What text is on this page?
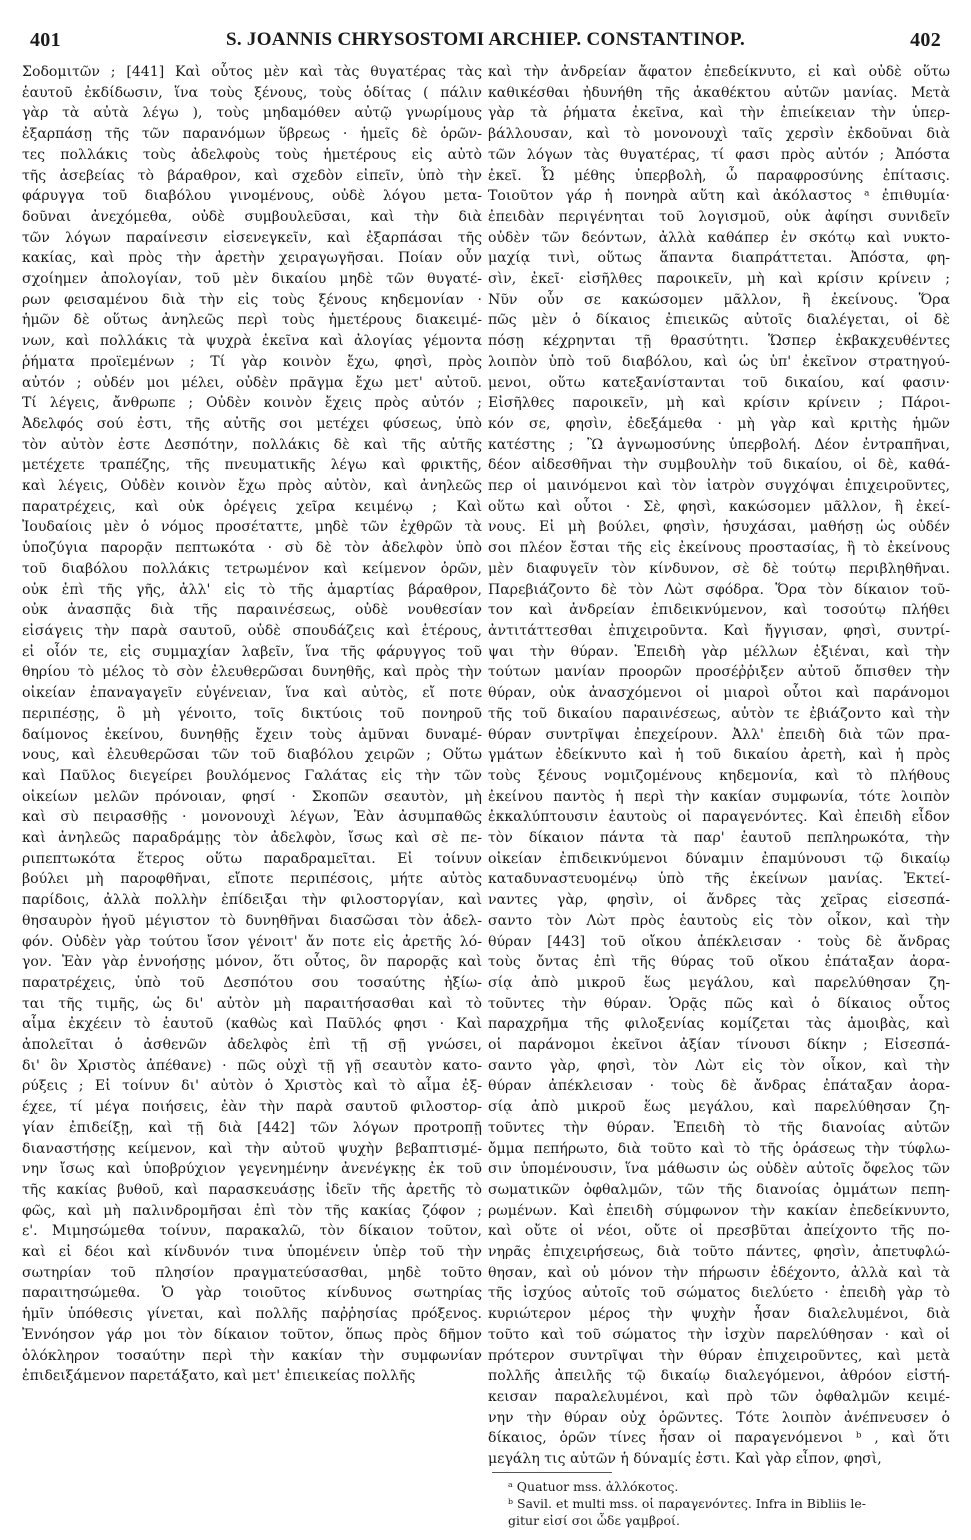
401	S. JOANNIS CHRYSOSTOMI ARCHIEP. CONSTANTINOP.	402
Σοδομιτῶν ; [441] Καὶ οὗτος μὲν καὶ τὰς θυγατέρας τὰς
ἑαυτοῦ ἐκδίδωσιν, ἵνα τοὺς ξένους, τοὺς ὁδίτας ( πάλιν
γὰρ τὰ αὐτὰ λέγω ), τοὺς μηδαμόθεν αὐτῷ γνωρίμους
ἐξαρπάσῃ τῆς τῶν παρανόμων ὕβρεως · ἡμεῖς δὲ ὁρῶν-
τες πολλάκις τοὺς ἀδελφοὺς τοὺς ἡμετέρους εἰς αὐτὸ
τῆς ἀσεβείας τὸ βάραθρον, καὶ σχεδὸν εἰπεῖν, ὑπὸ τὴν
φάρυγγα τοῦ διαβόλου γινομένους, οὐδὲ λόγου μετα-
δοῦναι ἀνεχόμεθα, οὐδὲ συμβουλεῦσαι, καὶ τὴν διὰ
τῶν λόγων παραίνεσιν εἰσενεγκεῖν, καὶ ἐξαρπάσαι τῆς
κακίας, καὶ πρὸς τὴν ἀρετὴν χειραγωγῆσαι. Ποίαν οὖν
σχοίημεν ἀπολογίαν, τοῦ μὲν δικαίου μηδὲ τῶν θυγατέ-
ρων φεισαμένου διὰ τὴν εἰς τοὺς ξένους κηδεμονίαν ·
ἡμῶν δὲ οὕτως ἀνηλεῶς περὶ τοὺς ἡμετέρους διακειμέ-
νων, καὶ πολλάκις τὰ ψυχρὰ ἐκεῖνα καὶ ἀλογίας γέμοντα
ῥήματα προϊεμένων ; Τί γὰρ κοινὸν ἔχω, φησὶ, πρὸς
αὐτόν ; οὐδέν μοι μέλει, οὐδὲν πρᾶγμα ἔχω μετ' αὐτοῦ.
Τί λέγεις, ἄνθρωπε ; Οὐδὲν κοινὸν ἔχεις πρὸς αὐτόν ;
Ἀδελφός σού ἐστι, τῆς αὐτῆς σοι μετέχει φύσεως, ὑπὸ
τὸν αὐτὸν ἐστε Δεσπότην, πολλάκις δὲ καὶ τῆς αὐτῆς
μετέχετε τραπέζης, τῆς πνευματικῆς λέγω καὶ φρικτῆς,
καὶ λέγεις, Οὐδὲν κοινὸν ἔχω πρὸς αὐτὸν, καὶ ἀνηλεῶς
παρατρέχεις, καὶ οὐκ ὀρέγεις χεῖρα κειμένῳ ; Καὶ
Ἰουδαίοις μὲν ὁ νόμος προσέταττε, μηδὲ τῶν ἐχθρῶν τὰ
ὑποζύγια παρορᾷν πεπτωκότα · σὺ δὲ τὸν ἀδελφὸν ὑπὸ
τοῦ διαβόλου πολλάκις τετρωμένον καὶ κείμενον ὁρῶν,
οὐκ ἐπὶ τῆς γῆς, ἀλλ' εἰς τὸ τῆς ἁμαρτίας βάραθρον,
οὐκ ἀνασπᾷς διὰ τῆς παραινέσεως, οὐδὲ νουθεσίαν
εἰσάγεις τὴν παρὰ σαυτοῦ, οὐδὲ σπουδάζεις καὶ ἑτέρους,
εἰ οἷόν τε, εἰς συμμαχίαν λαβεῖν, ἵνα τῆς φάρυγγος τοῦ
θηρίου τὸ μέλος τὸ σὸν ἐλευθερῶσαι δυνηθῆς, καὶ πρὸς τὴν
οἰκείαν ἐπαναγαγεῖν εὐγένειαν, ἵνα καὶ αὐτὸς, εἴ ποτε
περιπέσῃς, ὃ μὴ γένοιτο, τοῖς δικτύοις τοῦ πονηροῦ
δαίμονος ἐκείνου, δυνηθῇς ἔχειν τοὺς ἀμῦναι δυναμέ-
νους, καὶ ἐλευθερῶσαι τῶν τοῦ διαβόλου χειρῶν ; Οὕτω
καὶ Παῦλος διεγείρει βουλόμενος Γαλάτας εἰς τὴν τῶν
οἰκείων μελῶν πρόνοιαν, φησί · Σκοπῶν σεαυτὸν, μὴ
καὶ σὺ πειρασθῇς · μονονουχὶ λέγων, Ἐὰν ἀσυμπαθῶς
καὶ ἀνηλεῶς παραδράμῃς τὸν ἀδελφὸν, ἴσως καὶ σὲ πε-
ριπεπτωκότα ἕτερος οὕτω παραδραμεῖται. Εἰ τοίνυν
βούλει μὴ παροφθῆναι, εἴποτε περιπέσοις, μήτε αὐτὸς
παρίδοις, ἀλλὰ πολλὴν ἐπίδειξαι τὴν φιλοστοργίαν, καὶ
θησαυρὸν ἡγοῦ μέγιστον τὸ δυνηθῆναι διασῶσαι τὸν ἀδελ-
φόν. Οὐδὲν γὰρ τούτου ἴσον γένοιτ' ἄν ποτε εἰς ἀρετῆς λό-
γον. Ἐὰν γὰρ ἐννοήσῃς μόνον, ὅτι οὗτος, ὃν παρορᾷς καὶ
παρατρέχεις, ὑπὸ τοῦ Δεσπότου σου τοσαύτης ἠξίω-
ται τῆς τιμῆς, ὡς δι' αὐτὸν μὴ παραιτήσασθαι καὶ τὸ
αἷμα ἐκχέειν τὸ ἑαυτοῦ (καθὼς καὶ Παῦλός φησι · Καὶ
ἀπολεῖται ὁ ἀσθενῶν ἀδελφὸς ἐπὶ τῇ σῇ γνώσει,
δι' ὃν Χριστὸς ἀπέθανε) · πῶς οὐχὶ τῇ γῇ σεαυτὸν κατο-
ρύξεις ; Εἰ τοίνυν δι' αὐτὸν ὁ Χριστὸς καὶ τὸ αἷμα ἐξ-
έχεε, τί μέγα ποιήσεις, ἐὰν τὴν παρὰ σαυτοῦ φιλοστορ-
γίαν ἐπιδείξῃ, καὶ τῇ διὰ [442] τῶν λόγων προτροπῇ
διαναστήσῃς κείμενον, καὶ τὴν αὐτοῦ ψυχὴν βεβαπτισμέ-
νην ἴσως καὶ ὑποβρύχιον γεγενημένην ἀνενέγκῃς ἐκ τοῦ
τῆς κακίας βυθοῦ, καὶ παρασκευάσῃς ἰδεῖν τῆς ἀρετῆς τὸ
φῶς, καὶ μὴ παλινδρομῆσαι ἐπὶ τὸν τῆς κακίας ζόφον ;
ε'. Μιμησώμεθα τοίνυν, παρακαλῶ, τὸν δίκαιον τοῦτον,
καὶ εἰ δέοι καὶ κίνδυνόν τινα ὑπομένειν ὑπὲρ τοῦ τὴν
σωτηρίαν τοῦ πλησίον πραγματεύσασθαι, μηδὲ τοῦτο
παραιτησώμεθα. Ὁ γὰρ τοιοῦτος κίνδυνος σωτηρίας
ἡμῖν ὑπόθεσις γίνεται, καὶ πολλῆς παῤῥησίας πρόξενος.
Ἐννόησον γάρ μοι τὸν δίκαιον τοῦτον, ὅπως πρὸς δῆμον
ὁλόκληρον τοσαύτην περὶ τὴν κακίαν τὴν συμφωνίαν
ἐπιδειξάμενον παρετάξατο, καὶ μετ' ἐπιεικείας πολλῆς
καὶ τὴν ἀνδρείαν ἄφατον ἐπεδείκνυτο, εἰ καὶ οὐδὲ οὕτω
καθικέσθαι ἠδυνήθη τῆς ἀκαθέκτου αὐτῶν μανίας. Μετὰ
γὰρ τὰ ῥήματα ἐκεῖνα, καὶ τὴν ἐπιείκειαν τὴν ὑπερ-
βάλλουσαν, καὶ τὸ μονονουχὶ ταῖς χερσὶν ἐκδοῦναι διὰ
τῶν λόγων τὰς θυγατέρας, τί φασι πρὸς αὐτόν ; Ἀπόστα
ἐκεῖ. Ὦ μέθης ὑπερβολὴ, ὦ παραφροσύνης ἐπίτασις.
Τοιοῦτον γάρ ἡ πονηρὰ αὕτη καὶ ἀκόλαστος ᵃ ἐπιθυμία·
ἐπειδὰν περιγένηται τοῦ λογισμοῦ, οὐκ ἀφίησι συνιδεῖν
οὐδὲν τῶν δεόντων, ἀλλὰ καθάπερ ἐν σκότῳ καὶ νυκτο-
μαχίᾳ τινὶ, οὕτως ἅπαντα διαπράττεται. Ἀπόστα, φη-
σὶν, ἐκεῖ· εἰσῆλθες παροικεῖν, μὴ καὶ κρίσιν κρίνειν ;
Νῦν οὖν σε κακώσομεν μᾶλλον, ἢ ἐκείνους. Ὅρα
πῶς μὲν ὁ δίκαιος ἐπιεικῶς αὐτοῖς διαλέγεται, οἱ δὲ
πόσῃ κέχρηνται τῇ θρασύτητι. Ὥσπερ ἐκβακχευθέντες
λοιπὸν ὑπὸ τοῦ διαβόλου, καὶ ὡς ὑπ' ἐκεῖνον στρατηγού-
μενοι, οὕτω κατεξανίστανται τοῦ δικαίου, καί φασιν·
Εἰσῆλθες παροικεῖν, μὴ καὶ κρίσιν κρίνειν ; Πάροι-
κόν σε, φησὶν, ἐδεξάμεθα · μὴ γὰρ καὶ κριτὴς ἡμῶν
κατέστης ; Ὢ ἀγνωμοσύνης ὑπερβολή. Δέον ἐντραπῆναι,
δέον αἰδεσθῆναι τὴν συμβουλὴν τοῦ δικαίου, οἱ δὲ, καθά-
περ οἱ μαινόμενοι καὶ τὸν ἰατρὸν συγχόψαι ἐπιχειροῦντες,
οὕτω καὶ οὗτοι · Σὲ, φησὶ, κακώσομεν μᾶλλον, ἢ ἐκεί-
νους. Εἰ μὴ βούλει, φησὶν, ἡσυχάσαι, μαθήσῃ ὡς οὐδέν
σοι πλέον ἔσται τῆς εἰς ἐκείνους προστασίας, ἢ τὸ ἐκείνους
μὲν διαφυγεῖν τὸν κίνδυνον, σὲ δὲ τούτῳ περιβληθῆναι.
Παρεβιάζοντο δὲ τὸν Λὼτ σφόδρα. Ὅρα τὸν δίκαιον τοῦ-
τον καὶ ἀνδρείαν ἐπιδεικνύμενον, καὶ τοσούτῳ πλήθει
ἀντιτάττεσθαι ἐπιχειροῦντα. Καὶ ἤγγισαν, φησὶ, συντρί-
ψαι τὴν θύραν. Ἐπειδὴ γὰρ μέλλων ἐξιέναι, καὶ τὴν
τούτων μανίαν προορῶν προσέῤῥιξεν αὐτοῦ ὄπισθεν τὴν
θύραν, οὐκ ἀνασχόμενοι οἱ μιαροὶ οὗτοι καὶ παράνομοι
τῆς τοῦ δικαίου παραινέσεως, αὐτὸν τε ἐβιάζοντο καὶ τὴν
θύραν συντρῖψαι ἐπεχείρουν. Ἀλλ' ἐπειδὴ διὰ τῶν πρα-
γμάτων ἐδείκνυτο καὶ ἡ τοῦ δικαίου ἀρετὴ, καὶ ἡ πρὸς
τοὺς ξένους νομιζομένους κηδεμονία, καὶ τὸ πλήθους
ἐκείνου παντὸς ἡ περὶ τὴν κακίαν συμφωνία, τότε λοιπὸν
ἐκκαλύπτουσιν ἑαυτοὺς οἱ παραγενόντες. Καὶ ἐπειδὴ εἶδον
τὸν δίκαιον πάντα τὰ παρ' ἑαυτοῦ πεπληρωκότα, τὴν
οἰκείαν ἐπιδεικνύμενοι δύναμιν ἐπαμύνουσι τῷ δικαίῳ
καταδυναστευομένῳ ὑπὸ τῆς ἐκείνων μανίας. Ἐκτεί-
ναντες γὰρ, φησὶν, οἱ ἄνδρες τὰς χεῖρας εἰσεσπά-
σαντο τὸν Λὼτ πρὸς ἑαυτοὺς εἰς τὸν οἶκον, καὶ τὴν
θύραν [443] τοῦ οἴκου ἀπέκλεισαν · τοὺς δὲ ἄνδρας
τοὺς ὄντας ἐπὶ τῆς θύρας τοῦ οἴκου ἐπάταξαν ἀορα-
σίᾳ ἀπὸ μικροῦ ἕως μεγάλου, καὶ παρελύθησαν ζη-
τοῦντες τὴν θύραν. Ὁρᾷς πῶς καὶ ὁ δίκαιος οὗτος
παραχρῆμα τῆς φιλοξενίας κομίζεται τὰς ἀμοιβὰς, καὶ
οἱ παράνομοι ἐκεῖνοι ἀξίαν τίνουσι δίκην ; Εἰσεσπά-
σαντο γὰρ, φησὶ, τὸν Λὼτ εἰς τὸν οἶκον, καὶ τὴν
θύραν ἀπέκλεισαν · τοὺς δὲ ἄνδρας ἐπάταξαν ἀορα-
σίᾳ ἀπὸ μικροῦ ἕως μεγάλου, καὶ παρελύθησαν ζη-
τοῦντες τὴν θύραν. Ἐπειδὴ τὸ τῆς διανοίας αὐτῶν
ὄμμα πεπήρωτο, διὰ τοῦτο καὶ τὸ τῆς ὁράσεως τὴν τύφλω-
σιν ὑπομένουσιν, ἵνα μάθωσιν ὡς οὐδὲν αὐτοῖς ὄφελος τῶν
σωματικῶν ὀφθαλμῶν, τῶν τῆς διανοίας ὀμμάτων πεπη-
ρωμένων. Καὶ ἐπειδὴ σύμφωνον τὴν κακίαν ἐπεδείκνυντο,
καὶ οὔτε οἱ νέοι, οὔτε οἱ πρεσβῦται ἀπείχοντο τῆς πο-
νηρᾶς ἐπιχειρήσεως, διὰ τοῦτο πάντες, φησὶν, ἀπετυφλώ-
θησαν, καὶ οὐ μόνον τὴν πήρωσιν ἐδέχοντο, ἀλλὰ καὶ τὰ
τῆς ἰσχύος αὐτοῖς τοῦ σώματος διελύετο · ἐπειδὴ γὰρ τὸ
κυριώτερον μέρος τὴν ψυχὴν ἦσαν διαλελυμένοι, διὰ
τοῦτο καὶ τοῦ σώματος τὴν ἰσχὺν παρελύθησαν · καὶ οἱ
πρότερον συντρῖψαι τὴν θύραν ἐπιχειροῦντες, καὶ μετὰ
πολλῆς ἀπειλῆς τῷ δικαίῳ διαλεγόμενοι, ἀθρόον εἱστή-
κεισαν παραλελυμένοι, καὶ πρὸ τῶν ὀφθαλμῶν κειμέ-
νην τὴν θύραν οὐχ ὁρῶντες. Τότε λοιπὸν ἀνέπνευσεν ὁ
δίκαιος, ὁρῶν τίνες ἦσαν οἱ παραγενόμενοι ᵇ , καὶ ὅτι
μεγάλη τις αὐτῶν ἡ δύναμίς ἐστι. Καὶ γὰρ εἶπον, φησὶ,

ᵃ Quatuor mss. ἀλλόκοτος.

ᵇ Savil. et multi mss. οἱ παραγενόντες. Infra in Bibliis le-

gitur εἰσί σοι ὧδε γαμβροί.
